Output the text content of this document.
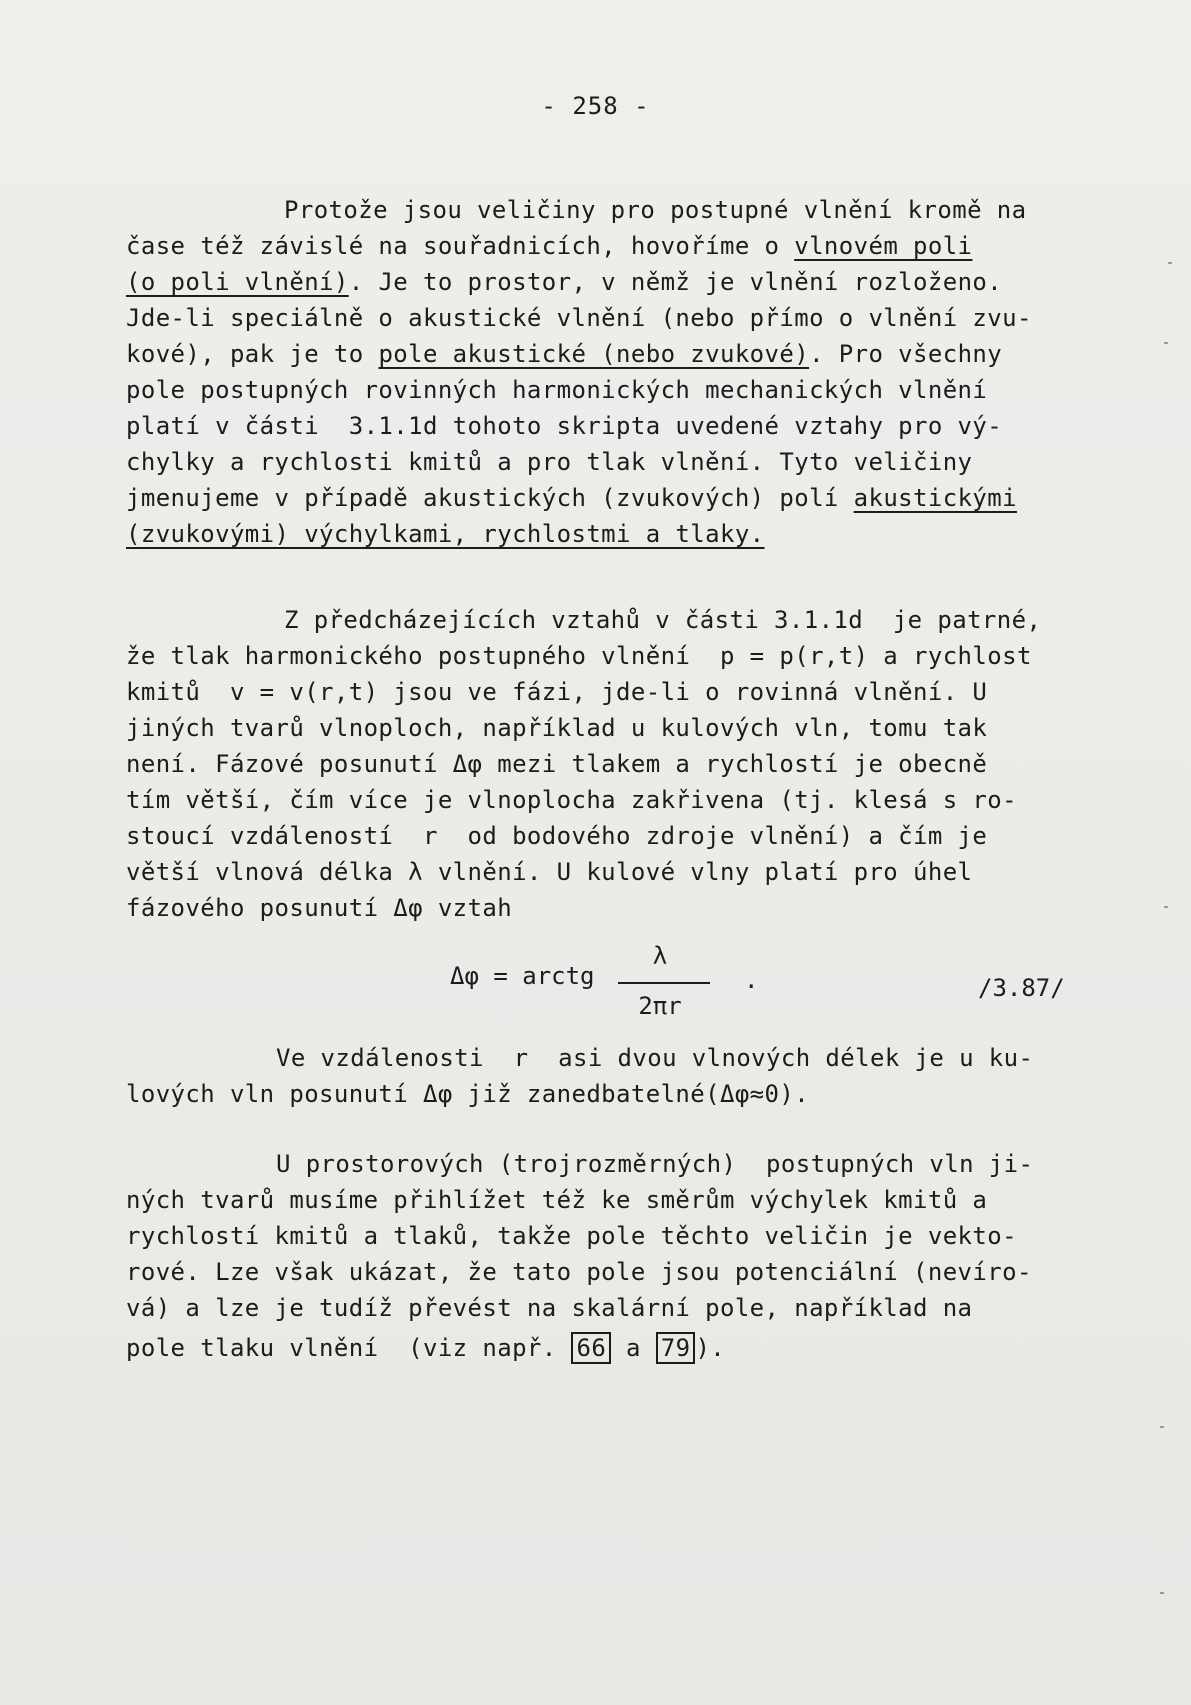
- 258 -
Protože jsou veličiny pro postupné vlnění kromě na
čase též závislé na souřadnicích, hovoříme o vlnovém poli
(o poli vlnění). Je to prostor, v němž je vlnění rozloženo.
Jde-li speciálně o akustické vlnění (nebo přímo o vlnění zvu-
kové), pak je to pole akustické (nebo zvukové). Pro všechny
pole postupných rovinných harmonických mechanických vlnění
platí v části  3.1.1d tohoto skripta uvedené vztahy pro vý-
chylky a rychlosti kmitů a pro tlak vlnění. Tyto veličiny
jmenujeme v případě akustických (zvukových) polí akustickými
(zvukovými) výchylkami, rychlostmi a tlaky.
Z předcházejících vztahů v části 3.1.1d  je patrné,
že tlak harmonického postupného vlnění  p = p(r,t) a rychlost
kmitů  v = v(r,t) jsou ve fázi, jde-li o rovinná vlnění. U
jiných tvarů vlnoploch, například u kulových vln, tomu tak
není. Fázové posunutí Δφ mezi tlakem a rychlostí je obecně
tím větší, čím více je vlnoplocha zakřivena (tj. klesá s ro-
stoucí vzdáleností  r  od bodového zdroje vlnění) a čím je
větší vlnová délka λ vlnění. U kulové vlny platí pro úhel
fázového posunutí Δφ vztah
Δφ = arctg
λ
2πr
.	/3.87/
Ve vzdálenosti  r  asi dvou vlnových délek je u ku-
lových vln posunutí Δφ již zanedbatelné(Δφ≈0).
U prostorových (trojrozměrných)  postupných vln ji-
ných tvarů musíme přihlížet též ke směrům výchylek kmitů a
rychlostí kmitů a tlaků, takže pole těchto veličin je vekto-
rové. Lze však ukázat, že tato pole jsou potenciální (nevíro-
vá) a lze je tudíž převést na skalární pole, například na
pole tlaku vlnění  (viz např. 66 a 79 ).
